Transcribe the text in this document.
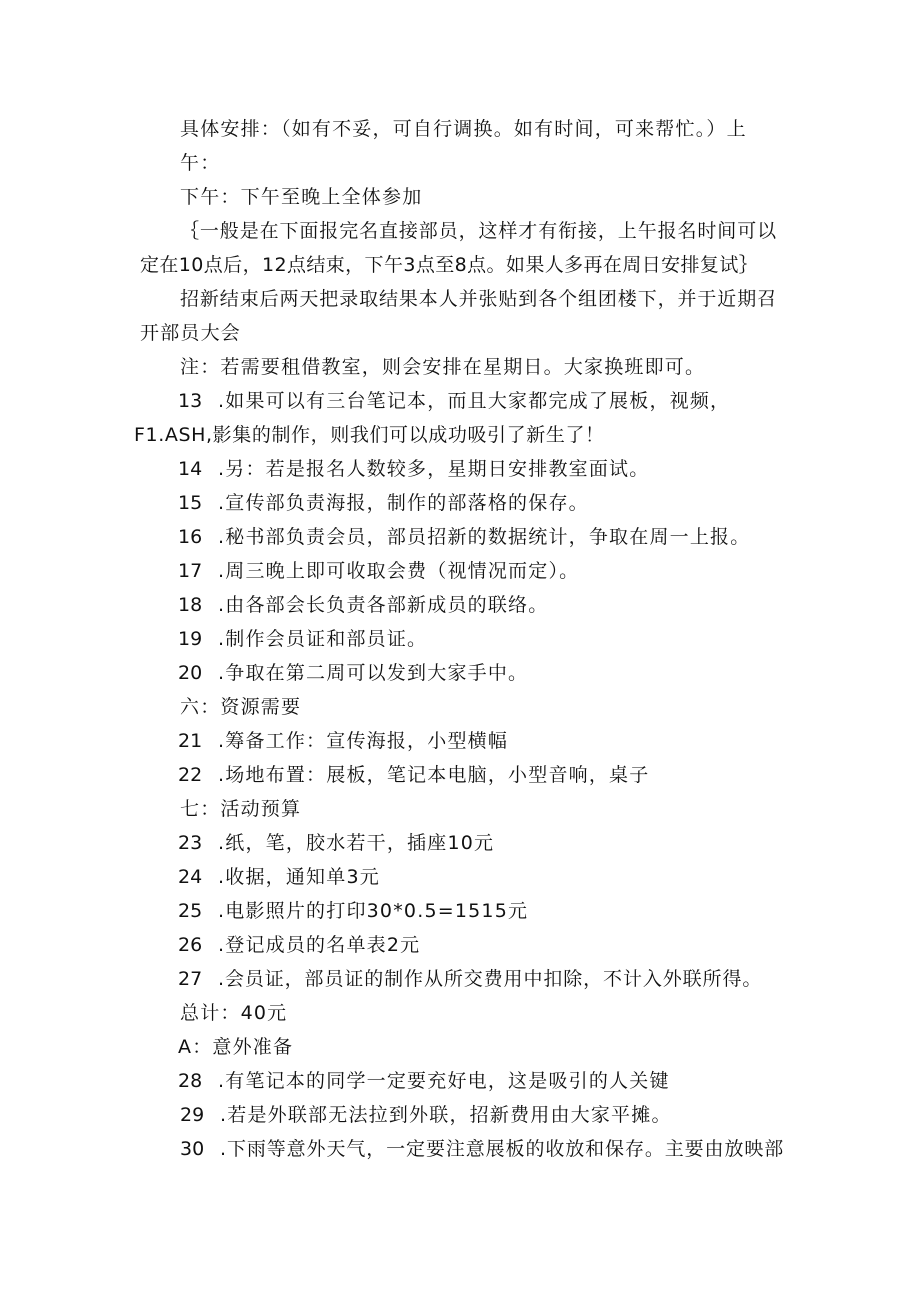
具体安排：（如有不妥，可自行调换。如有时间，可来帮忙。）上
午：
下午：下午至晚上全体参加
｛一般是在下面报完名直接部员，这样才有衔接，上午报名时间可以
定在10点后，12点结束，下午3点至8点。如果人多再在周日安排复试｝
招新结束后两天把录取结果本人并张贴到各个组团楼下，并于近期召
开部员大会
注：若需要租借教室，则会安排在星期日。大家换班即可。
13 .如果可以有三台笔记本，而且大家都完成了展板，视频，
F1.ASH,影集的制作，则我们可以成功吸引了新生了！
14 .另：若是报名人数较多，星期日安排教室面试。
15 .宣传部负责海报，制作的部落格的保存。
16 .秘书部负责会员，部员招新的数据统计，争取在周一上报。
17 .周三晚上即可收取会费（视情况而定）。
18 .由各部会长负责各部新成员的联络。
19 .制作会员证和部员证。
20 .争取在第二周可以发到大家手中。
六：资源需要
21 .筹备工作：宣传海报，小型横幅
22 .场地布置：展板，笔记本电脑，小型音响，桌子
七：活动预算
23 .纸，笔，胶水若干，插座10元
24 .收据，通知单3元
25 .电影照片的打印30*0.5=1515元
26 .登记成员的名单表2元
27 .会员证，部员证的制作从所交费用中扣除，不计入外联所得。
总计：40元
A：意外准备
28 .有笔记本的同学一定要充好电，这是吸引的人关键
29 .若是外联部无法拉到外联，招新费用由大家平摊。
30 .下雨等意外天气，一定要注意展板的收放和保存。主要由放映部
